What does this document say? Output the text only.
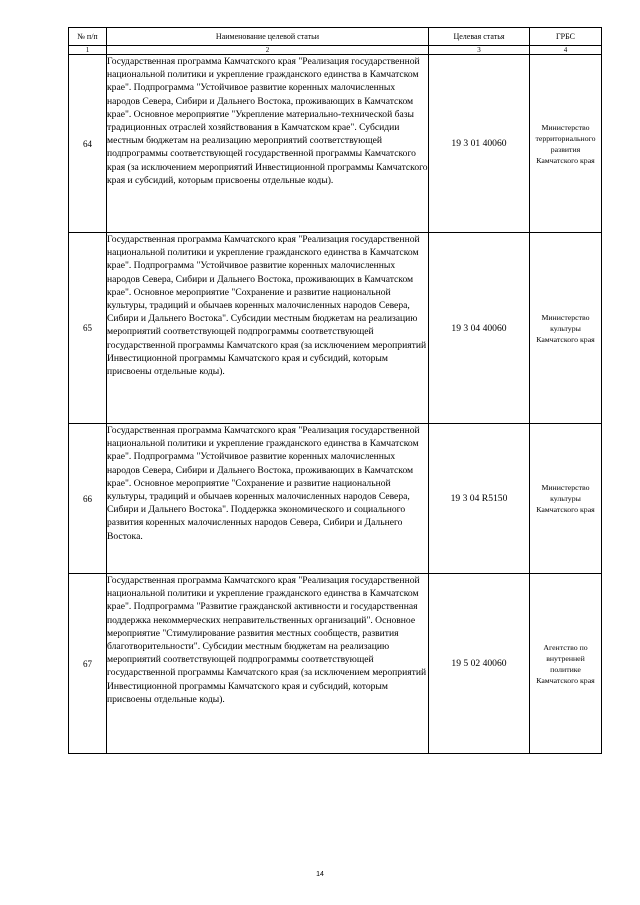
№ п/п	Наименование целевой статьи	Целевая статья	ГРБС
1	2	3	4
64	Государственная программа Камчатского края "Реализация государственной национальной политики и укрепление гражданского единства в Камчатском крае". Подпрограмма "Устойчивое развитие коренных малочисленных народов Севера, Сибири и Дальнего Востока, проживающих в Камчатском крае". Основное мероприятие "Укрепление материально-технической базы традиционных отраслей хозяйствования в Камчатском крае". Субсидии местным бюджетам на реализацию мероприятий соответствующей подпрограммы соответствующей государственной программы Камчатского края (за исключением мероприятий Инвестиционной программы Камчатского края и субсидий, которым присвоены отдельные коды).	19 3 01 40060	Министерство территориального развития Камчатского края
65	Государственная программа Камчатского края "Реализация государственной национальной политики и укрепление гражданского единства в Камчатском крае". Подпрограмма "Устойчивое развитие коренных малочисленных народов Севера, Сибири и Дальнего Востока, проживающих в Камчатском крае". Основное мероприятие "Сохранение и развитие национальной культуры, традиций и обычаев коренных малочисленных народов Севера, Сибири и Дальнего Востока". Субсидии местным бюджетам на реализацию мероприятий соответствующей подпрограммы соответствующей государственной программы Камчатского края (за исключением мероприятий Инвестиционной программы Камчатского края и субсидий, которым присвоены отдельные коды).	19 3 04 40060	Министерство культуры Камчатского края
66	Государственная программа Камчатского края "Реализация государственной национальной политики и укрепление гражданского единства в Камчатском крае". Подпрограмма "Устойчивое развитие коренных малочисленных народов Севера, Сибири и Дальнего Востока, проживающих в Камчатском крае". Основное мероприятие "Сохранение и развитие национальной культуры, традиций и обычаев коренных малочисленных народов Севера, Сибири и Дальнего Востока". Поддержка экономического и социального развития коренных малочисленных народов Севера, Сибири и Дальнего Востока.	19 3 04 R5150	Министерство культуры Камчатского края
67	Государственная программа Камчатского края "Реализация государственной национальной политики и укрепление гражданского единства в Камчатском крае". Подпрограмма "Развитие гражданской активности и государственная поддержка некоммерческих неправительственных организаций". Основное мероприятие "Стимулирование развития местных сообществ, развития благотворительности". Субсидии местным бюджетам на реализацию мероприятий соответствующей подпрограммы соответствующей государственной программы Камчатского края (за исключением мероприятий Инвестиционной программы Камчатского края и субсидий, которым присвоены отдельные коды).	19 5 02 40060	Агентство по внутренней политике Камчатского края
14
